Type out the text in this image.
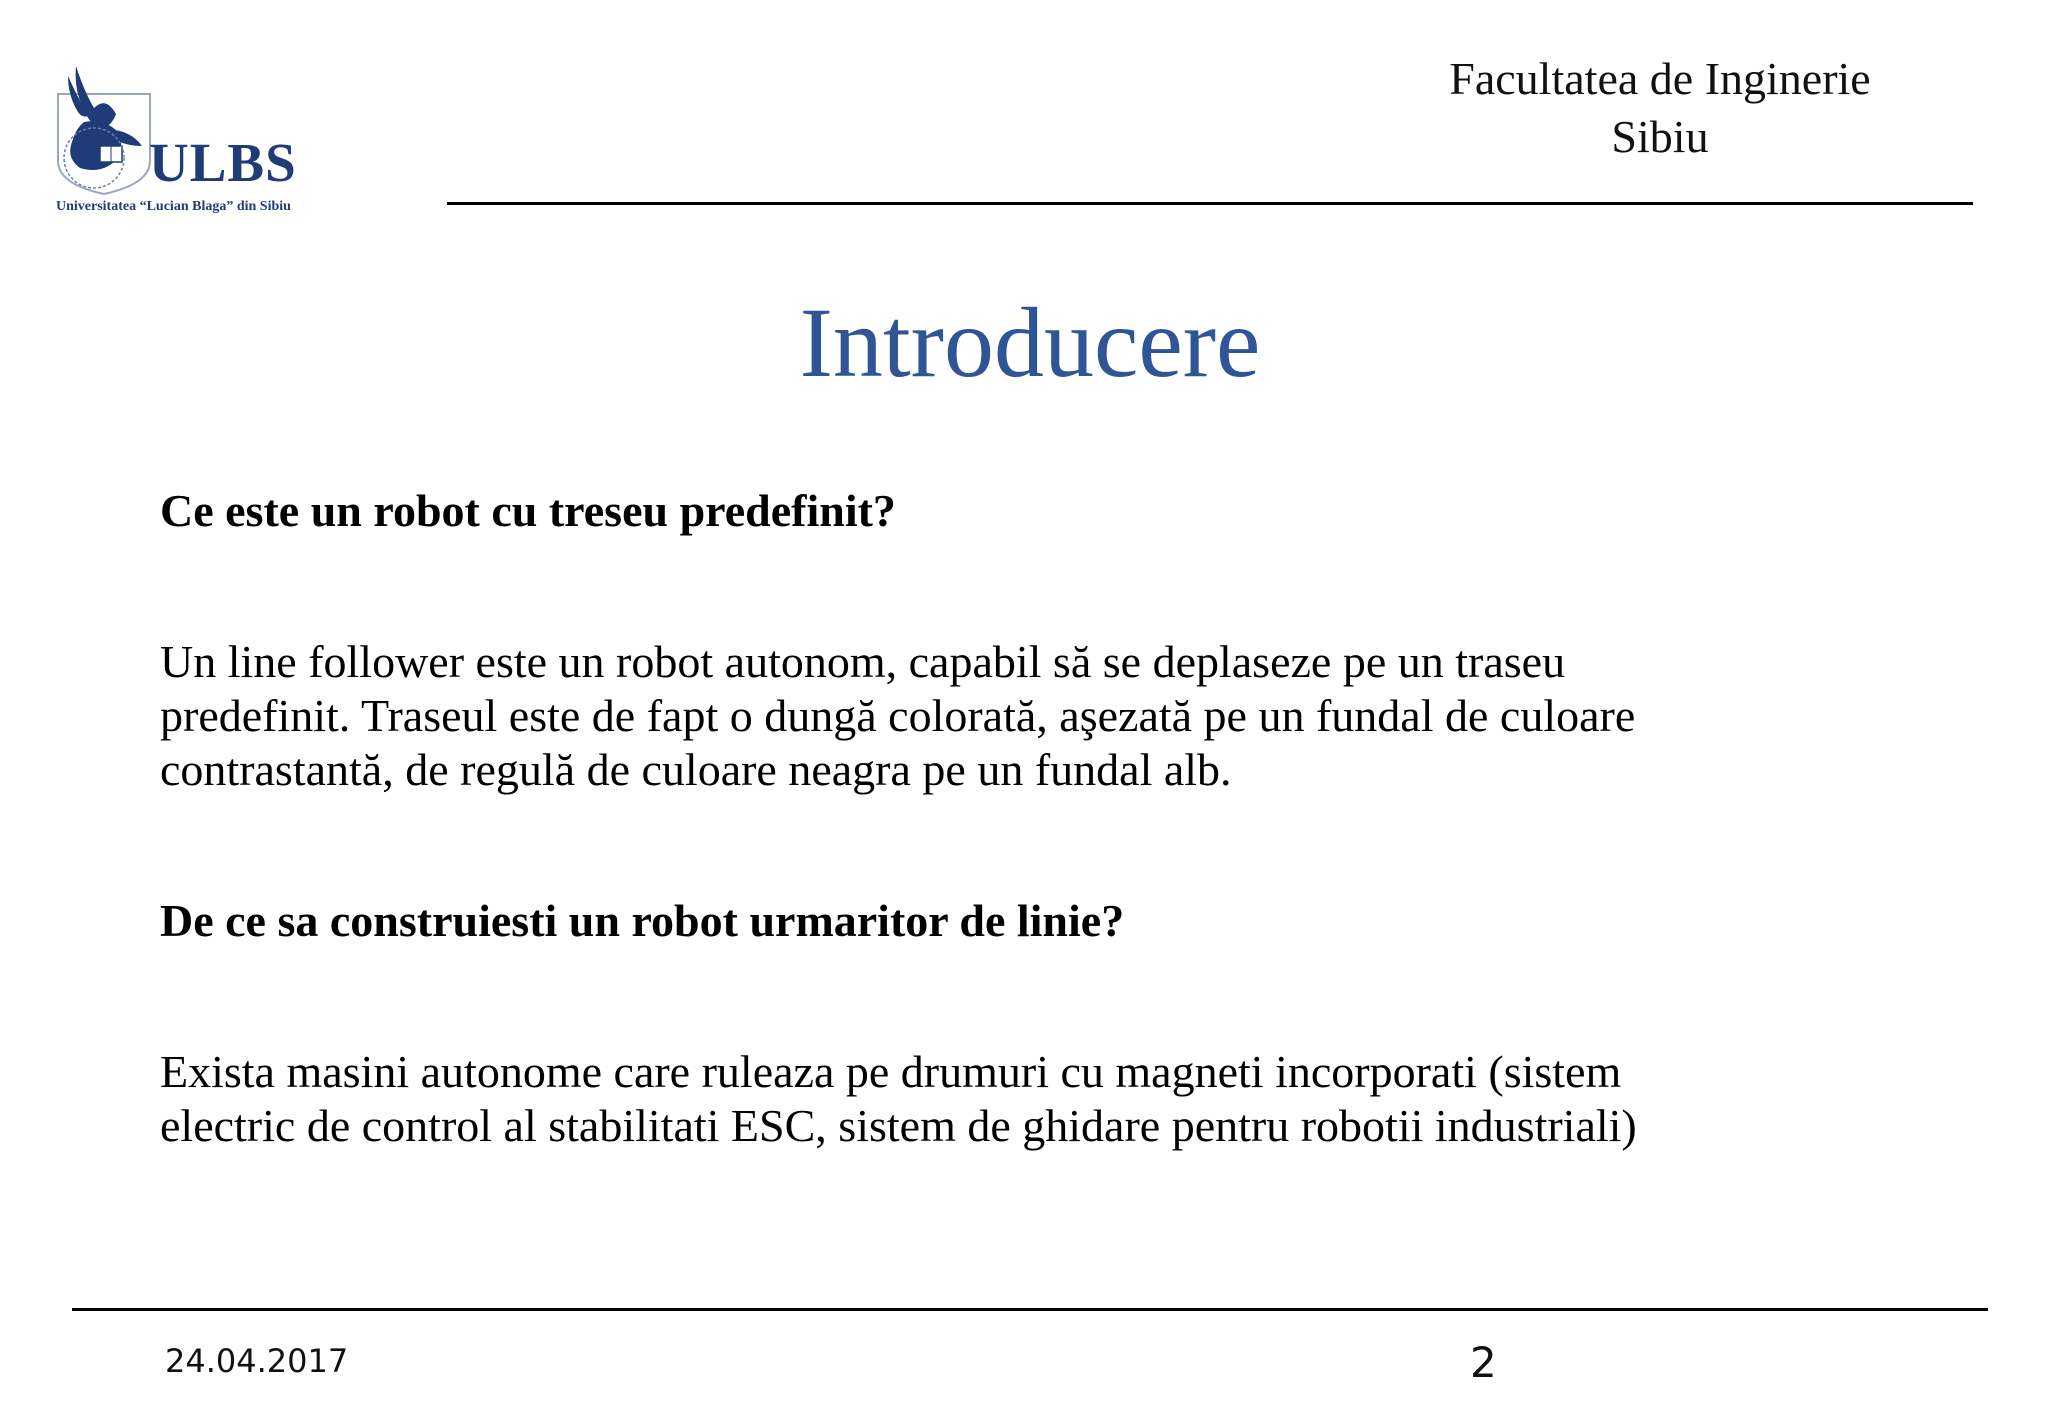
ULBS
Universitatea “Lucian Blaga” din Sibiu
Facultatea de Inginerie
Sibiu
Introducere
Ce este un robot cu treseu predefinit?
Un line follower este un robot autonom, capabil să se deplaseze pe un traseu
predefinit. Traseul este de fapt o dungă colorată, aşezată pe un fundal de culoare
contrastantă, de regulă de culoare neagra pe un fundal alb.
De ce sa construiesti un robot urmaritor de linie?
Exista masini autonome care ruleaza pe drumuri cu magneti incorporati (sistem
electric de control al stabilitati ESC, sistem de ghidare pentru robotii industriali)
24.04.2017	2
